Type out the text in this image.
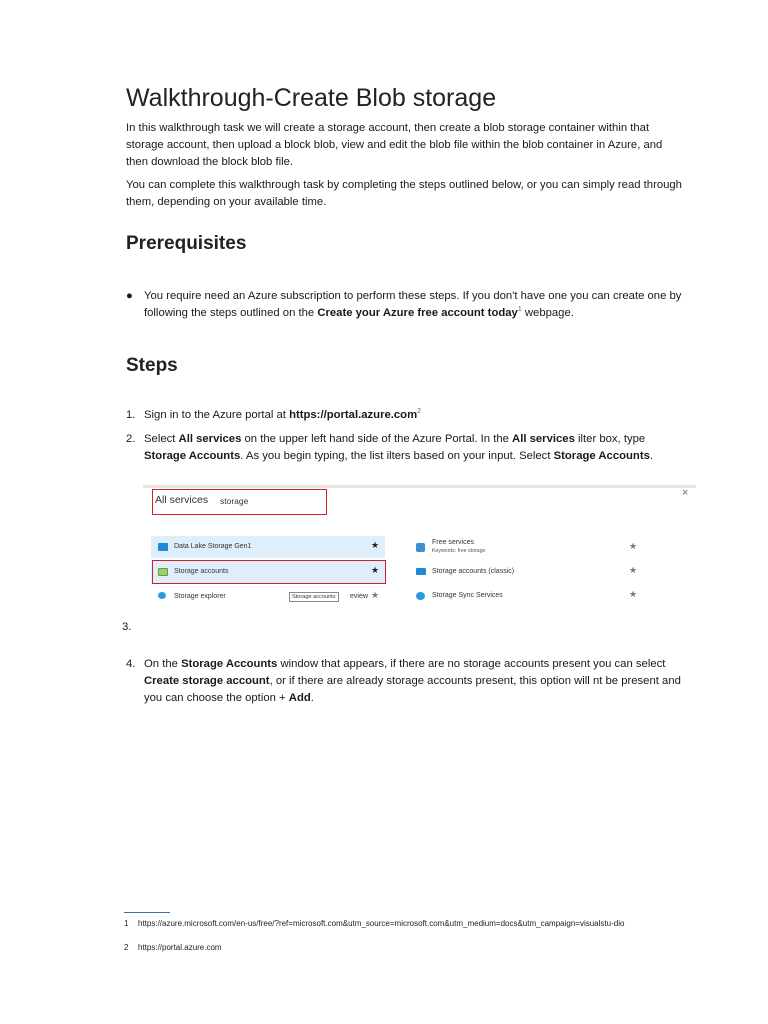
Walkthrough-Create Blob storage

In this walkthrough task we will create a storage account, then create a blob storage container within that storage account, then upload a block blob, view and edit the blob file within the blob container in Azure, and then download the block blob file.

You can complete this walkthrough task by completing the steps outlined below, or you can simply read through them, depending on your available time.

Prerequisites
● You require need an Azure subscription to perform these steps. If you don't have one you can create one by following the steps outlined on the Create your Azure free account today$^1$ webpage.
Steps
1. Sign in to the Azure portal at https://portal.azure.com$^2$
2. Select All services on the upper left hand side of the Azure Portal. In the All services ilter box, type Storage Accounts. As you begin typing, the list ilters based on your input. Select Storage Accounts.
All services storage
×
Data Lake Storage Gen1	★
Storage accounts	★
Storage explorer	eview ★
Storage accounts
Free services
Keywords: free storage	★
Storage accounts (classic)	★
Storage Sync Services	★
3.
4. On the Storage Accounts window that appears, if there are no storage accounts present you can select Create storage account, or if there are already storage accounts present, this option will nt be present and you can choose the option + Add.
1 https://azure.microsoft.com/en-us/free/?ref=microsoft.com&utm_source=microsoft.com&utm_medium=docs&utm_campaign=visualstu-dio
2 https://portal.azure.com
